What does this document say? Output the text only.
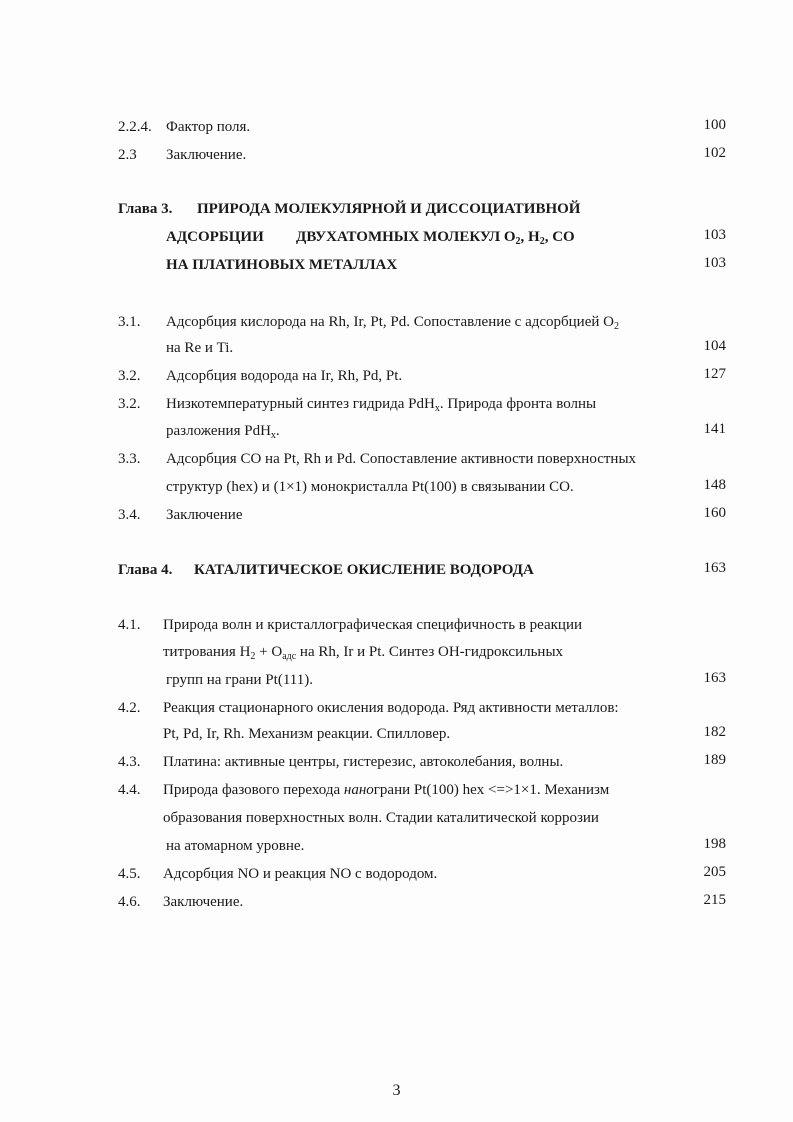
2.2.4. Фактор поля.	100
2.3 Заключение.	102
Глава 3. ПРИРОДА МОЛЕКУЛЯРНОЙ И ДИССОЦИАТИВНОЙ
АДСОРБЦИИ ДВУХАТОМНЫХ МОЛЕКУЛ $O_2$, $H_2$, CO	103
НА ПЛАТИНОВЫХ МЕТАЛЛАХ	103
3.1. Адсорбция кислорода на Rh, Ir, Pt, Pd. Сопоставление с адсорбцией $O_2$
на Re и Ti.	104
3.2. Адсорбция водорода на Ir, Rh, Pd, Pt.	127
3.2. Низкотемпературный синтез гидрида PdH$_x$. Природа фронта волны
разложения PdH$_x$.	141
3.3. Адсорбция CO на Pt, Rh и Pd. Сопоставление активности поверхностных
структур (hex) и (1×1) монокристалла Pt(100) в связывании CO.	148
3.4. Заключение	160
Глава 4. КАТАЛИТИЧЕСКОЕ ОКИСЛЕНИЕ ВОДОРОДА	163
4.1. Природа волн и кристаллографическая специфичность в реакции
титрования $H_2 + O_{адс}$ на Rh, Ir и Pt. Синтез OH-гидроксильных
групп на грани Pt(111).	163
4.2. Реакция стационарного окисления водорода. Ряд активности металлов:
Pt, Pd, Ir, Rh. Механизм реакции. Спилловер.	182
4.3. Платина: активные центры, гистерезис, автоколебания, волны.	189
4.4. Природа фазового перехода нанограни Pt(100) hex <=>1×1. Механизм
образования поверхностных волн. Стадии каталитической коррозии
на атомарном уровне.	198
4.5. Адсорбция NO и реакция NO с водородом.	205
4.6. Заключение.	215
3
